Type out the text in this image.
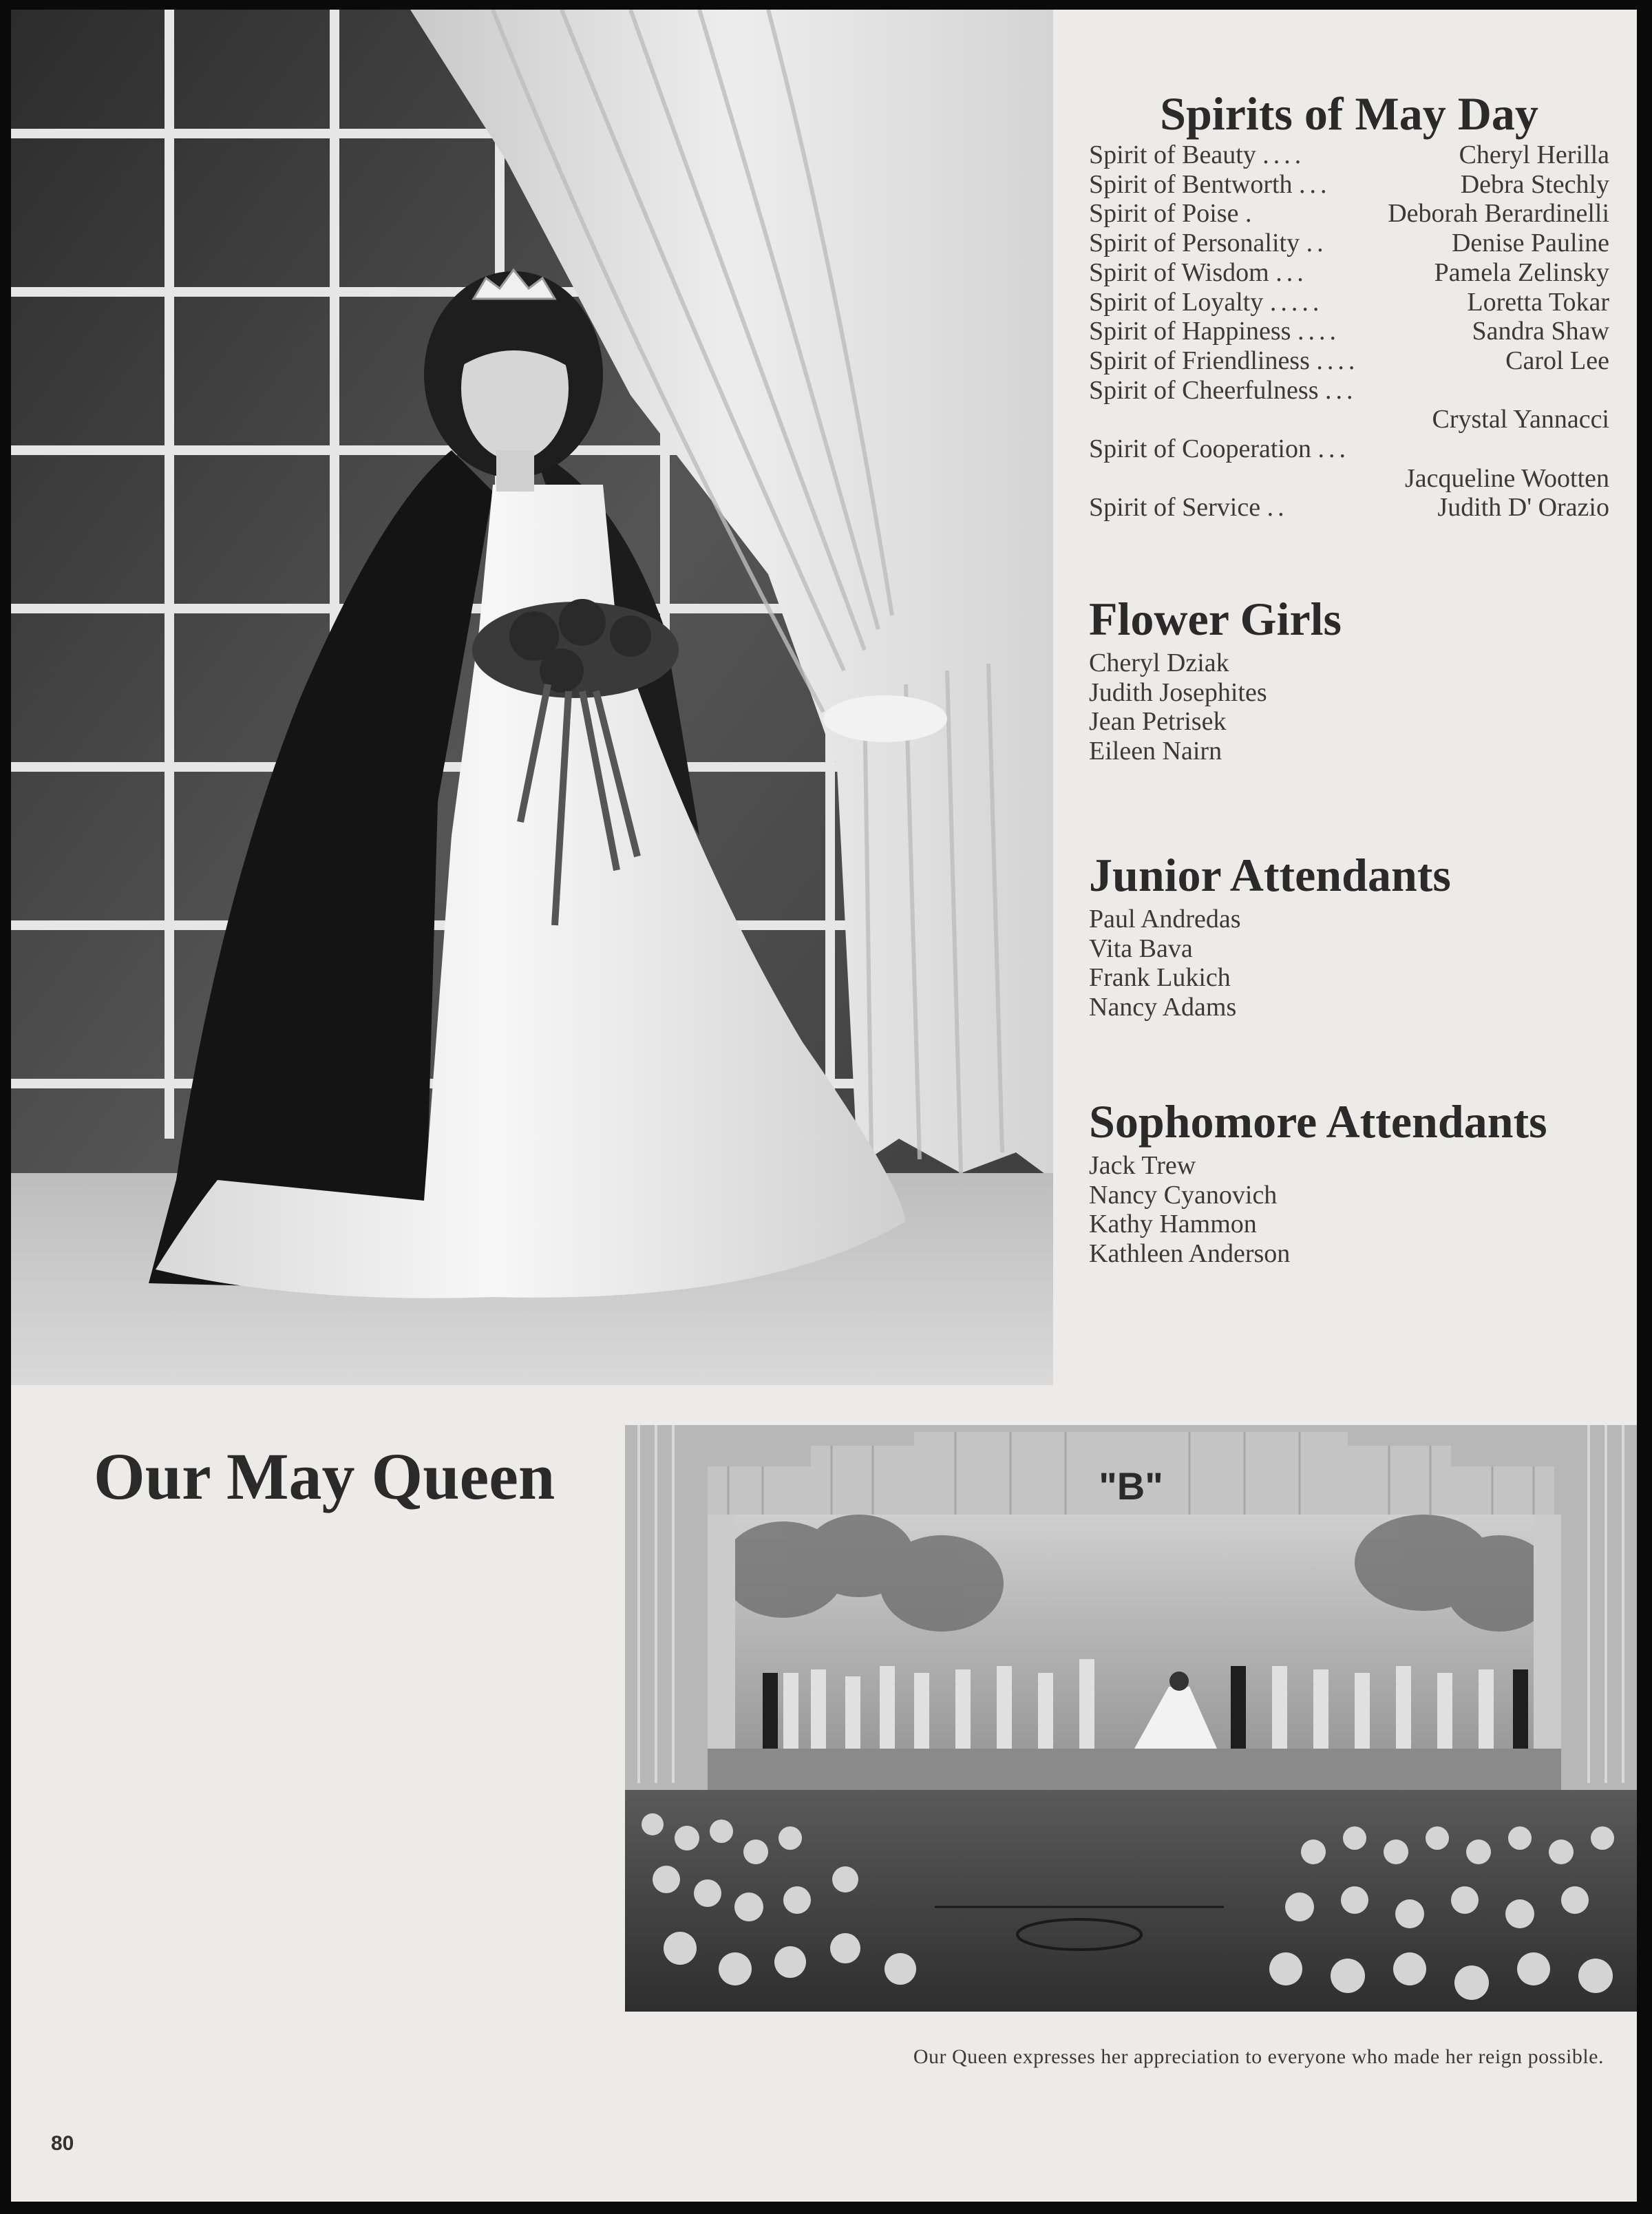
Spirits of May Day
Spirit of Beauty ....	Cheryl Herilla
Spirit of Bentworth ...	Debra Stechly
Spirit of Poise .	Deborah Berardinelli
Spirit of Personality ..	Denise Pauline
Spirit of Wisdom ...	Pamela Zelinsky
Spirit of Loyalty .....	Loretta Tokar
Spirit of Happiness ....	Sandra Shaw
Spirit of Friendliness ....	Carol Lee
Spirit of Cheerfulness ...
Crystal Yannacci
Spirit of Cooperation ...
Jacqueline Wootten
Spirit of Service ..	Judith D' Orazio
Flower Girls
Cheryl Dziak
Judith Josephites
Jean Petrisek
Eileen Nairn
Junior Attendants
Paul Andredas
Vita Bava
Frank Lukich
Nancy Adams
Sophomore Attendants
Jack Trew
Nancy Cyanovich
Kathy Hammon
Kathleen Anderson
Our May Queen	"B"
Our Queen expresses her appreciation to everyone who made her reign possible.
80
